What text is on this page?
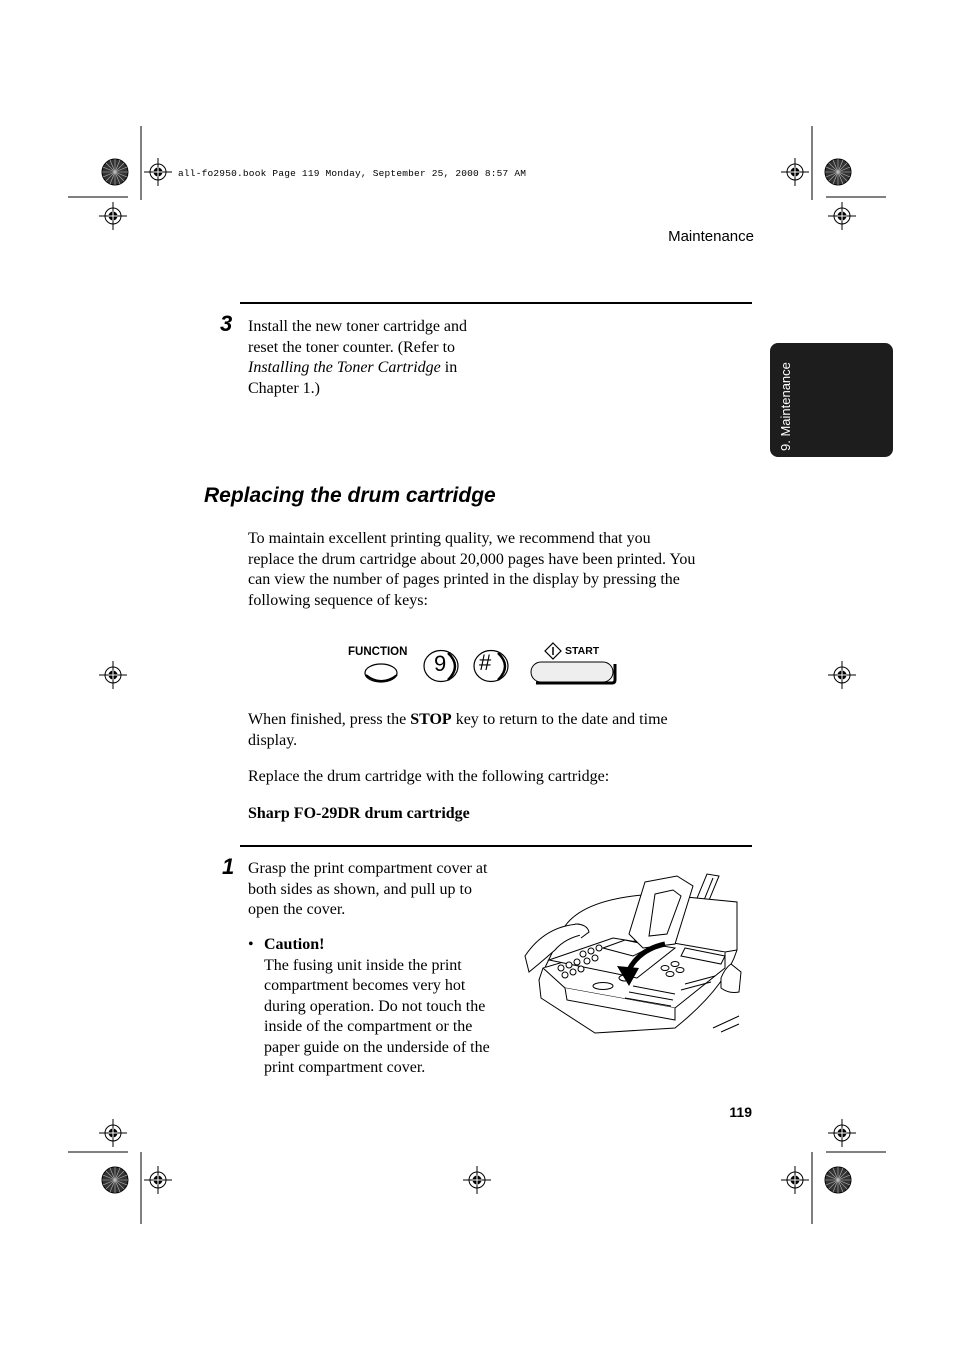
all-fo2950.book Page 119 Monday, September 25, 2000 8:57 AM
Maintenance
9. Maintenance
3 Install the new toner cartridge and
reset the toner counter. (Refer to
Installing the Toner Cartridge in
Chapter 1.)
Replacing the drum cartridge
To maintain excellent printing quality, we recommend that you
replace the drum cartridge about 20,000 pages have been printed. You
can view the number of pages printed in the display by pressing the
following sequence of keys:
FUNCTION 9 #	START
When finished, press the STOP key to return to the date and time
display.
Replace the drum cartridge with the following cartridge:
Sharp FO-29DR drum cartridge
1 Grasp the print compartment cover at
both sides as shown, and pull up to
open the cover.
• Caution!
The fusing unit inside the print
compartment becomes very hot
during operation. Do not touch the
inside of the compartment or the
paper guide on the underside of the
print compartment cover.
119
